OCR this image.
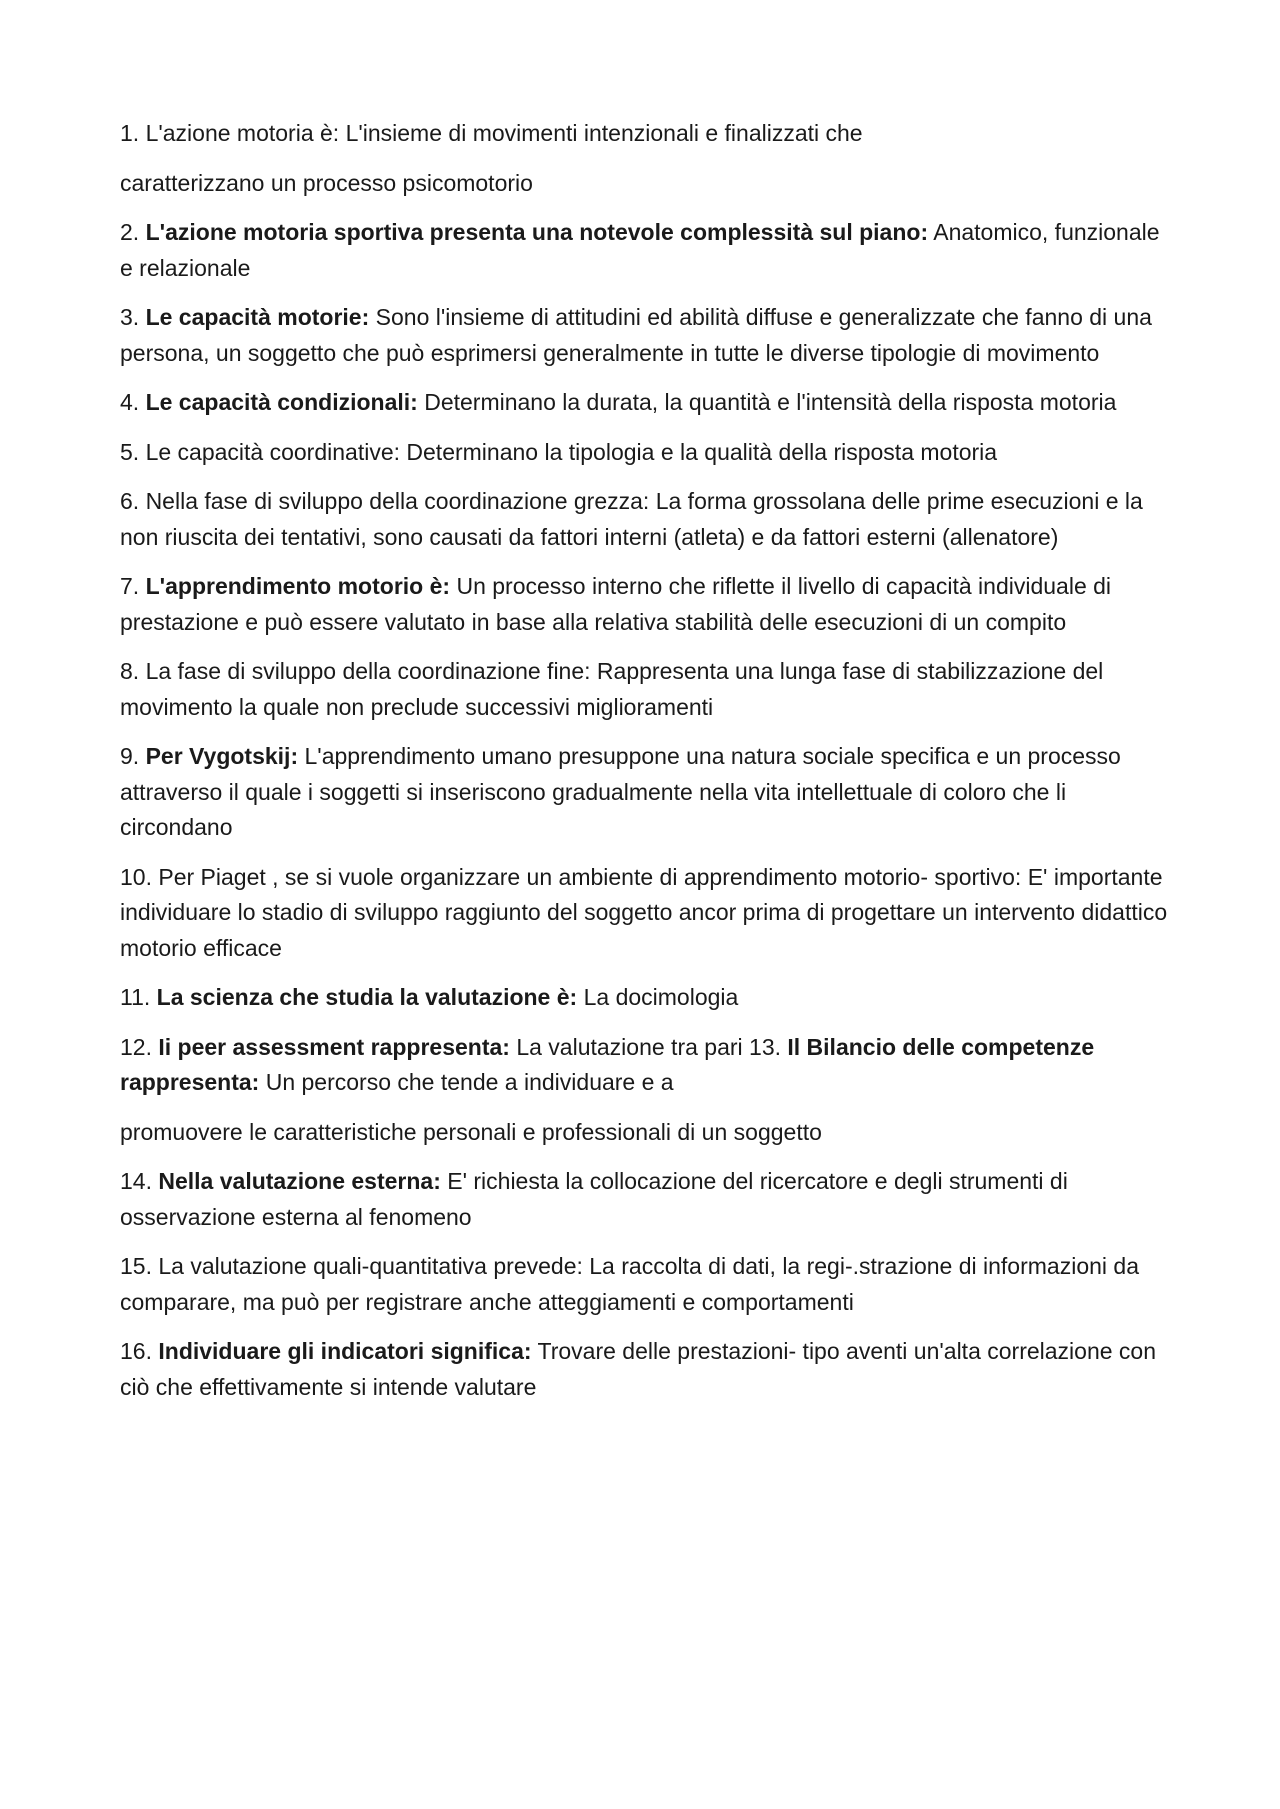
1. L'azione motoria è: L'insieme di movimenti intenzionali e finalizzati che

caratterizzano un processo psicomotorio

2. L'azione motoria sportiva presenta una notevole complessità sul piano: Anatomico, funzionale e relazionale

3. Le capacità motorie: Sono l'insieme di attitudini ed abilità diffuse e generalizzate che fanno di una persona, un soggetto che può esprimersi generalmente in tutte le diverse tipologie di movimento

4. Le capacità condizionali: Determinano la durata, la quantità e l'intensità della risposta motoria

5. Le capacità coordinative: Determinano la tipologia e la qualità della risposta motoria

6. Nella fase di sviluppo della coordinazione grezza: La forma grossolana delle prime esecuzioni e la non riuscita dei tentativi, sono causati da fattori interni (atleta) e da fattori esterni (allenatore)

7. L'apprendimento motorio è: Un processo interno che riflette il livello di capacità individuale di prestazione e può essere valutato in base alla relativa stabilità delle esecuzioni di un compito

8. La fase di sviluppo della coordinazione fine: Rappresenta una lunga fase di stabilizzazione del movimento la quale non preclude successivi miglioramenti

9. Per Vygotskij: L'apprendimento umano presuppone una natura sociale specifica e un processo attraverso il quale i soggetti si inseriscono gradualmente nella vita intellettuale di coloro che li circondano

10. Per Piaget , se si vuole organizzare un ambiente di apprendimento motorio- sportivo: E' importante individuare lo stadio di sviluppo raggiunto del soggetto ancor prima di progettare un intervento didattico motorio efficace

11. La scienza che studia la valutazione è: La docimologia

12. Ii peer assessment rappresenta: La valutazione tra pari 13. Il Bilancio delle competenze rappresenta: Un percorso che tende a individuare e a

promuovere le caratteristiche personali e professionali di un soggetto

14. Nella valutazione esterna: E' richiesta la collocazione del ricercatore e degli strumenti di osservazione esterna al fenomeno

15. La valutazione quali-quantitativa prevede: La raccolta di dati, la regi-.strazione di informazioni da comparare, ma può per registrare anche atteggiamenti e comportamenti

16. Individuare gli indicatori significa: Trovare delle prestazioni- tipo aventi un'alta correlazione con ciò che effettivamente si intende valutare
